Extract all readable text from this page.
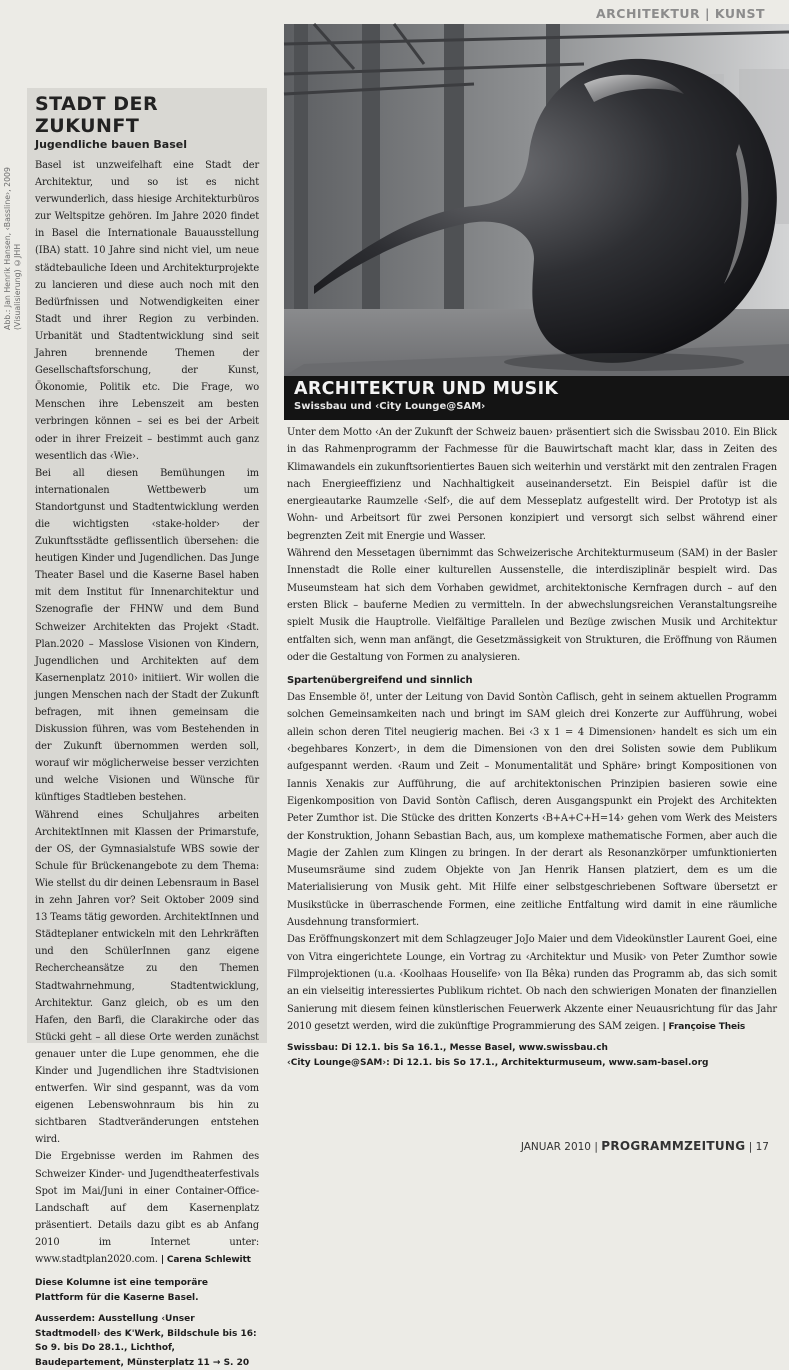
ARCHITEKTUR | KUNST
Abb.: Jan Henrik Hansen, ‹Bassline›, 2009 (Visualisierung) ©JHH
STADT DER ZUKUNFT
Jugendliche bauen Basel

Basel ist unzweifelhaft eine Stadt der Architektur, und so ist es nicht verwunderlich, dass hiesige Architekturbüros zur Weltspitze gehören. Im Jahre 2020 findet in Basel die Internationale Bauausstellung (IBA) statt. 10 Jahre sind nicht viel, um neue städtebauliche Ideen und Architekturprojekte zu lancieren und diese auch noch mit den Bedürfnissen und Notwendigkeiten einer Stadt und ihrer Region zu verbinden. Urbanität und Stadtentwicklung sind seit Jahren brennende Themen der Gesellschaftsforschung, der Kunst, Ökonomie, Politik etc. Die Frage, wo Menschen ihre Lebenszeit am besten verbringen können – sei es bei der Arbeit oder in ihrer Freizeit – bestimmt auch ganz wesentlich das ‹Wie›.

Bei all diesen Bemühungen im internationalen Wettbewerb um Standortgunst und Stadtentwicklung werden die wichtigsten ‹stake-holder› der Zukunftsstädte geflissentlich übersehen: die heutigen Kinder und Jugendlichen. Das Junge Theater Basel und die Kaserne Basel haben mit dem Institut für Innenarchitektur und Szenografie der FHNW und dem Bund Schweizer Architekten das Projekt ‹Stadt. Plan.2020 – Masslose Visionen von Kindern, Jugendlichen und Architekten auf dem Kasernenplatz 2010› initiiert. Wir wollen die jungen Menschen nach der Stadt der Zukunft befragen, mit ihnen gemeinsam die Diskussion führen, was vom Bestehenden in der Zukunft übernommen werden soll, worauf wir möglicherweise besser verzichten und welche Visionen und Wünsche für künftiges Stadtleben bestehen.

Während eines Schuljahres arbeiten ArchitektInnen mit Klassen der Primarstufe, der OS, der Gymnasialstufe WBS sowie der Schule für Brückenangebote zu dem Thema: Wie stellst du dir deinen Lebensraum in Basel in zehn Jahren vor? Seit Oktober 2009 sind 13 Teams tätig geworden. ArchitektInnen und Städteplaner entwickeln mit den Lehrkräften und den SchülerInnen ganz eigene Rechercheansätze zu den Themen Stadtwahrnehmung, Stadtentwicklung, Architektur. Ganz gleich, ob es um den Hafen, den Barfi, die Clarakirche oder das Stücki geht – all diese Orte werden zunächst genauer unter die Lupe genommen, ehe die Kinder und Jugendlichen ihre Stadtvisionen entwerfen. Wir sind gespannt, was da vom eigenen Lebenswohnraum bis hin zu sichtbaren Stadtveränderungen entstehen wird.

Die Ergebnisse werden im Rahmen des Schweizer Kinder- und Jugendtheaterfestivals Spot im Mai/Juni in einer Container-Office-Landschaft auf dem Kasernenplatz präsentiert. Details dazu gibt es ab Anfang 2010 im Internet unter: www.stadtplan2020.com. | Carena Schlewitt

Diese Kolumne ist eine temporäre Plattform für die Kaserne Basel.

Ausserdem: Ausstellung ‹Unser Stadtmodell› des K'Werk, Bildschule bis 16: So 9. bis Do 28.1., Lichthof, Baudepartement, Münsterplatz 11 → S. 20

ARCHITEKTUR UND MUSIK
Swissbau und ‹City Lounge@SAM›

Unter dem Motto ‹An der Zukunft der Schweiz bauen› präsentiert sich die Swissbau 2010. Ein Blick in das Rahmenprogramm der Fachmesse für die Bauwirtschaft macht klar, dass in Zeiten des Klimawandels ein zukunftsorientiertes Bauen sich weiterhin und verstärkt mit den zentralen Fragen nach Energieeffizienz und Nachhaltigkeit auseinandersetzt. Ein Beispiel dafür ist die energieautarke Raumzelle ‹Self›, die auf dem Messeplatz aufgestellt wird. Der Prototyp ist als Wohn- und Arbeitsort für zwei Personen konzipiert und versorgt sich selbst während einer begrenzten Zeit mit Energie und Wasser.

Während den Messetagen übernimmt das Schweizerische Architekturmuseum (SAM) in der Basler Innenstadt die Rolle einer kulturellen Aussenstelle, die interdisziplinär bespielt wird. Das Museumsteam hat sich dem Vorhaben gewidmet, architektonische Kernfragen durch – auf den ersten Blick – bauferne Medien zu vermitteln. In der abwechslungsreichen Veranstaltungsreihe spielt Musik die Hauptrolle. Vielfältige Parallelen und Bezüge zwischen Musik und Architektur entfalten sich, wenn man anfängt, die Gesetzmässigkeit von Strukturen, die Eröffnung von Räumen oder die Gestaltung von Formen zu analysieren.

Spartenübergreifend und sinnlich

Das Ensemble ö!, unter der Leitung von David Sontòn Caflisch, geht in seinem aktuellen Programm solchen Gemeinsamkeiten nach und bringt im SAM gleich drei Konzerte zur Aufführung, wobei allein schon deren Titel neugierig machen. Bei ‹3 x 1 = 4 Dimensionen› handelt es sich um ein ‹begehbares Konzert›, in dem die Dimensionen von den drei Solisten sowie dem Publikum aufgespannt werden. ‹Raum und Zeit – Monumentalität und Sphäre› bringt Kompositionen von Iannis Xenakis zur Aufführung, die auf architektonischen Prinzipien basieren sowie eine Eigenkomposition von David Sontòn Caflisch, deren Ausgangspunkt ein Projekt des Architekten Peter Zumthor ist. Die Stücke des dritten Konzerts ‹B+A+C+H=14› gehen vom Werk des Meisters der Konstruktion, Johann Sebastian Bach, aus, um komplexe mathematische Formen, aber auch die Magie der Zahlen zum Klingen zu bringen. In der derart als Resonanzkörper umfunktionierten Museumsräume sind zudem Objekte von Jan Henrik Hansen platziert, dem es um die Materialisierung von Musik geht. Mit Hilfe einer selbstgeschriebenen Software übersetzt er Musikstücke in überraschende Formen, eine zeitliche Entfaltung wird damit in eine räumliche Ausdehnung transformiert.

Das Eröffnungskonzert mit dem Schlagzeuger JoJo Maier und dem Videokünstler Laurent Goei, eine von Vitra eingerichtete Lounge, ein Vortrag zu ‹Architektur und Musik› von Peter Zumthor sowie Filmprojektionen (u.a. ‹Koolhaas Houselife› von Ila Bêka) runden das Programm ab, das sich somit an ein vielseitig interessiertes Publikum richtet. Ob nach den schwierigen Monaten der finanziellen Sanierung mit diesem feinen künstlerischen Feuerwerk Akzente einer Neuausrichtung für das Jahr 2010 gesetzt werden, wird die zukünftige Programmierung des SAM zeigen. | Françoise Theis

Swissbau: Di 12.1. bis Sa 16.1., Messe Basel, www.swissbau.ch
‹City Lounge@SAM›: Di 12.1. bis So 17.1., Architekturmuseum, www.sam-basel.org
JANUAR 2010 | PROGRAMMZEITUNG | 17
